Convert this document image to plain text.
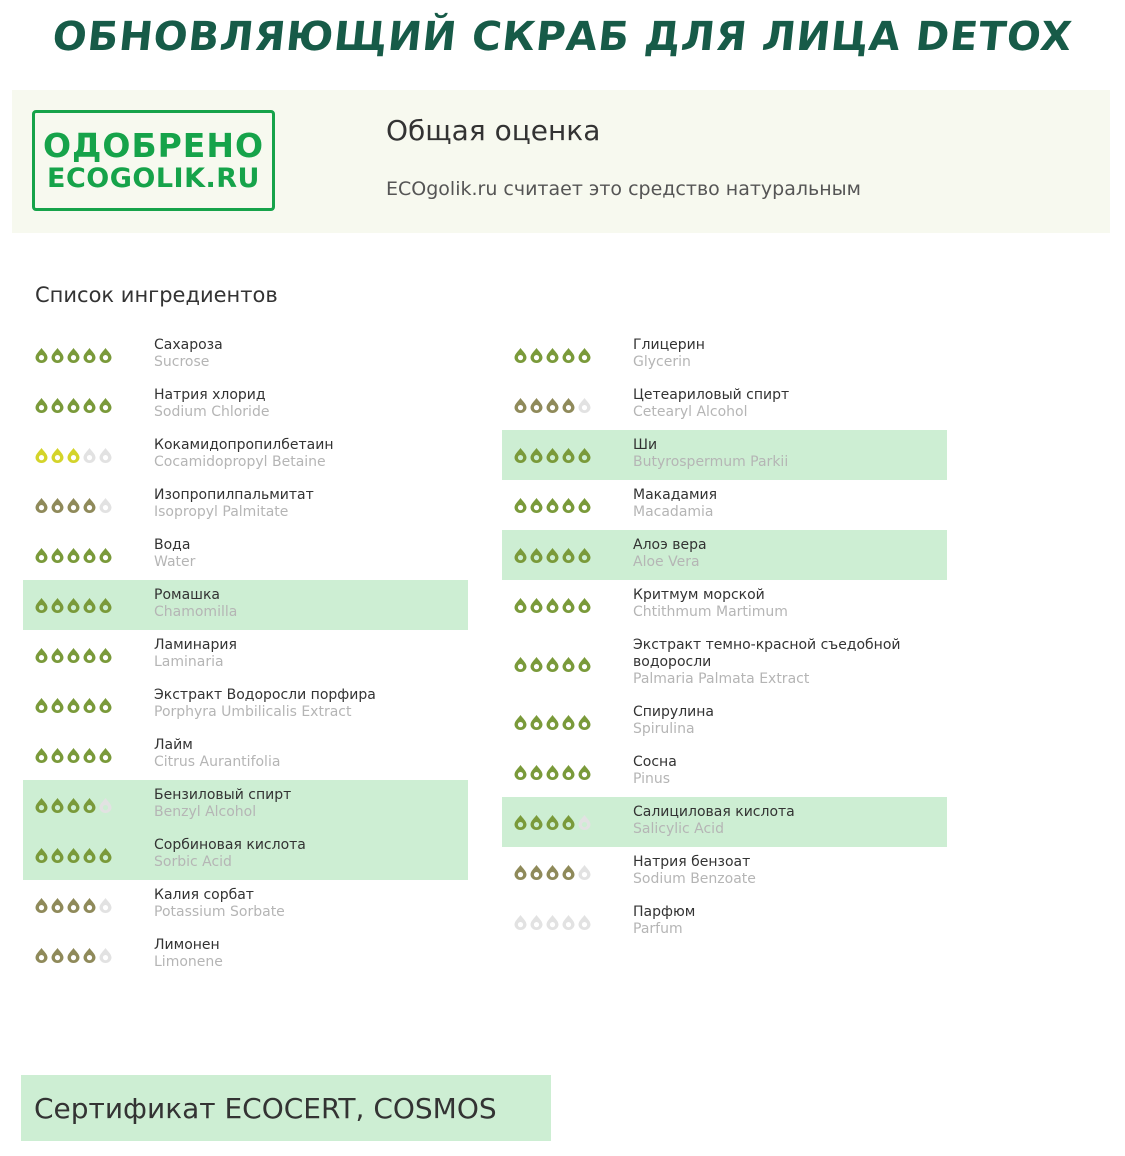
ОБНОВЛЯЮЩИЙ СКРАБ ДЛЯ ЛИЦА DETOX
ОДОБРЕНО
ECOGOLIK.RU
Общая оценка
ECOgolik.ru считает это средство натуральным
Список ингредиентов
Сахароза
Sucrose
Натрия хлорид
Sodium Chloride
Кокамидопропилбетаин
Cocamidopropyl Betaine
Изопропилпальмитат
Isopropyl Palmitate
Вода
Water
Ромашка
Chamomilla
Ламинария
Laminaria
Экстракт Водоросли порфира
Porphyra Umbilicalis Extract
Лайм
Citrus Aurantifolia
Бензиловый спирт
Benzyl Alcohol
Сорбиновая кислота
Sorbic Acid
Калия сорбат
Potassium Sorbate
Лимонен
Limonene
Глицерин
Glycerin
Цетеариловый спирт
Cetearyl Alcohol
Ши
Butyrospermum Parkii
Макадамия
Macadamia
Алоэ вера
Aloe Vera
Критмум морской
Chtithmum Martimum
Экстракт темно-красной съедобной водоросли
Palmaria Palmata Extract
Спирулина
Spirulina
Сосна
Pinus
Салициловая кислота
Salicylic Acid
Натрия бензоат
Sodium Benzoate
Парфюм
Parfum
Сертификат ECOCERT, COSMOS
